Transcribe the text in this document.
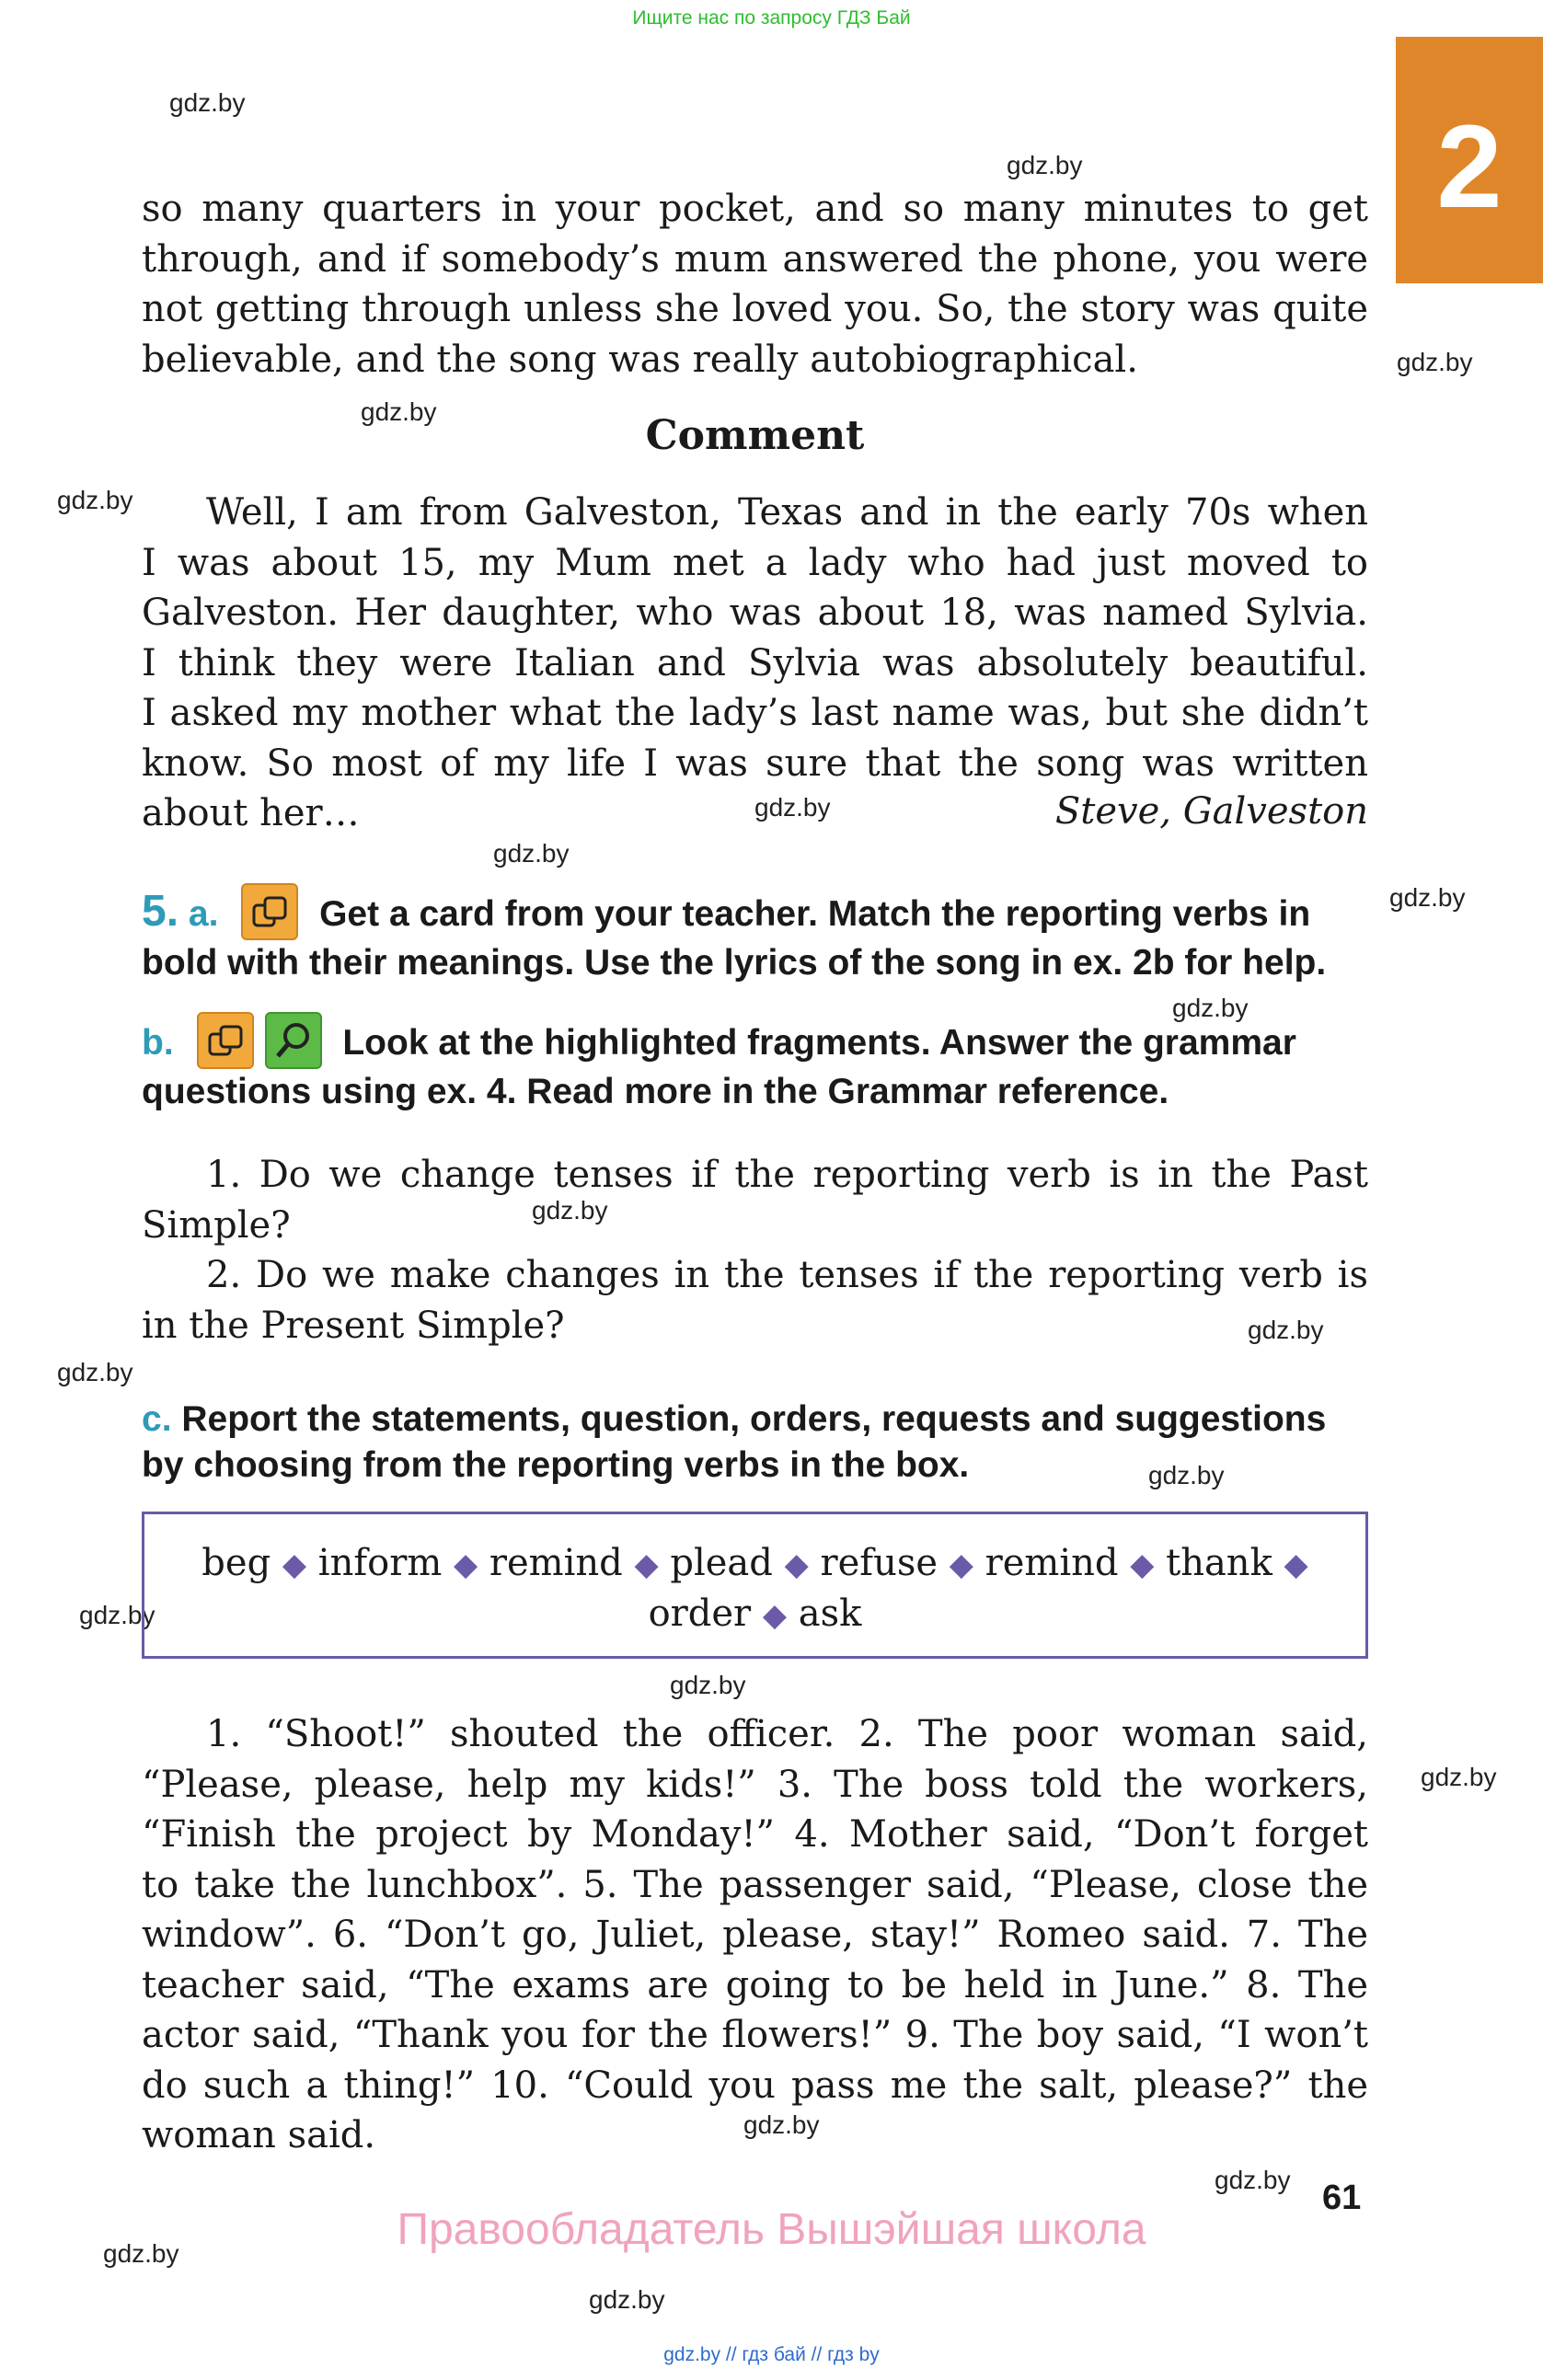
Ищите нас по запросу ГДЗ Бай
2
gdz.by
gdz.by
gdz.by
gdz.by
gdz.by
gdz.by
gdz.by
gdz.by
gdz.by
gdz.by
gdz.by
gdz.by
gdz.by
gdz.by
gdz.by
gdz.by
gdz.by
gdz.by
gdz.by
gdz.by
so many quarters in your pocket, and so many minutes to get
through, and if somebody’s mum answered the phone, you were
not getting through unless she loved you. So, the story was quite
believable, and the song was really autobiographical.
Comment
Well, I am from Galveston, Texas and in the early 70s when
I was about 15, my Mum met a lady who had just moved to
Galveston. Her daughter, who was about 18, was named Sylvia.
I think they were Italian and Sylvia was absolutely beautiful.
I asked my mother what the lady’s last name was, but she didn’t
know. So most of my life I was sure that the song was written
about her…	Steve, Galveston
5. a.	Get a card from your teacher. Match the reporting verbs in
bold with their meanings. Use the lyrics of the song in ex. 2b for help.
b.	Look at the highlighted fragments. Answer the grammar
questions using ex. 4. Read more in the Grammar reference.
1. Do we change tenses if the reporting verb is in the Past
Simple?
2. Do we make changes in the tenses if the reporting verb is
in the Present Simple?
c. Report the statements, question, orders, requests and suggestions
by choosing from the reporting verbs in the box.
beg ◆ inform ◆ remind ◆ plead ◆ refuse ◆ remind ◆ thank ◆
order ◆ ask
1. “Shoot!” shouted the officer. 2. The poor woman said,
“Please, please, help my kids!” 3. The boss told the workers,
“Finish the project by Monday!” 4. Mother said, “Don’t forget
to take the lunchbox”. 5. The passenger said, “Please, close the
window”. 6. “Don’t go, Juliet, please, stay!” Romeo said. 7. The
teacher said, “The exams are going to be held in June.” 8. The
actor said, “Thank you for the flowers!” 9. The boy said, “I won’t
do such a thing!” 10. “Could you pass me the salt, please?” the
woman said.
61
Правообладатель Вышэйшая школа
gdz.by // гдз бай // гдз by
